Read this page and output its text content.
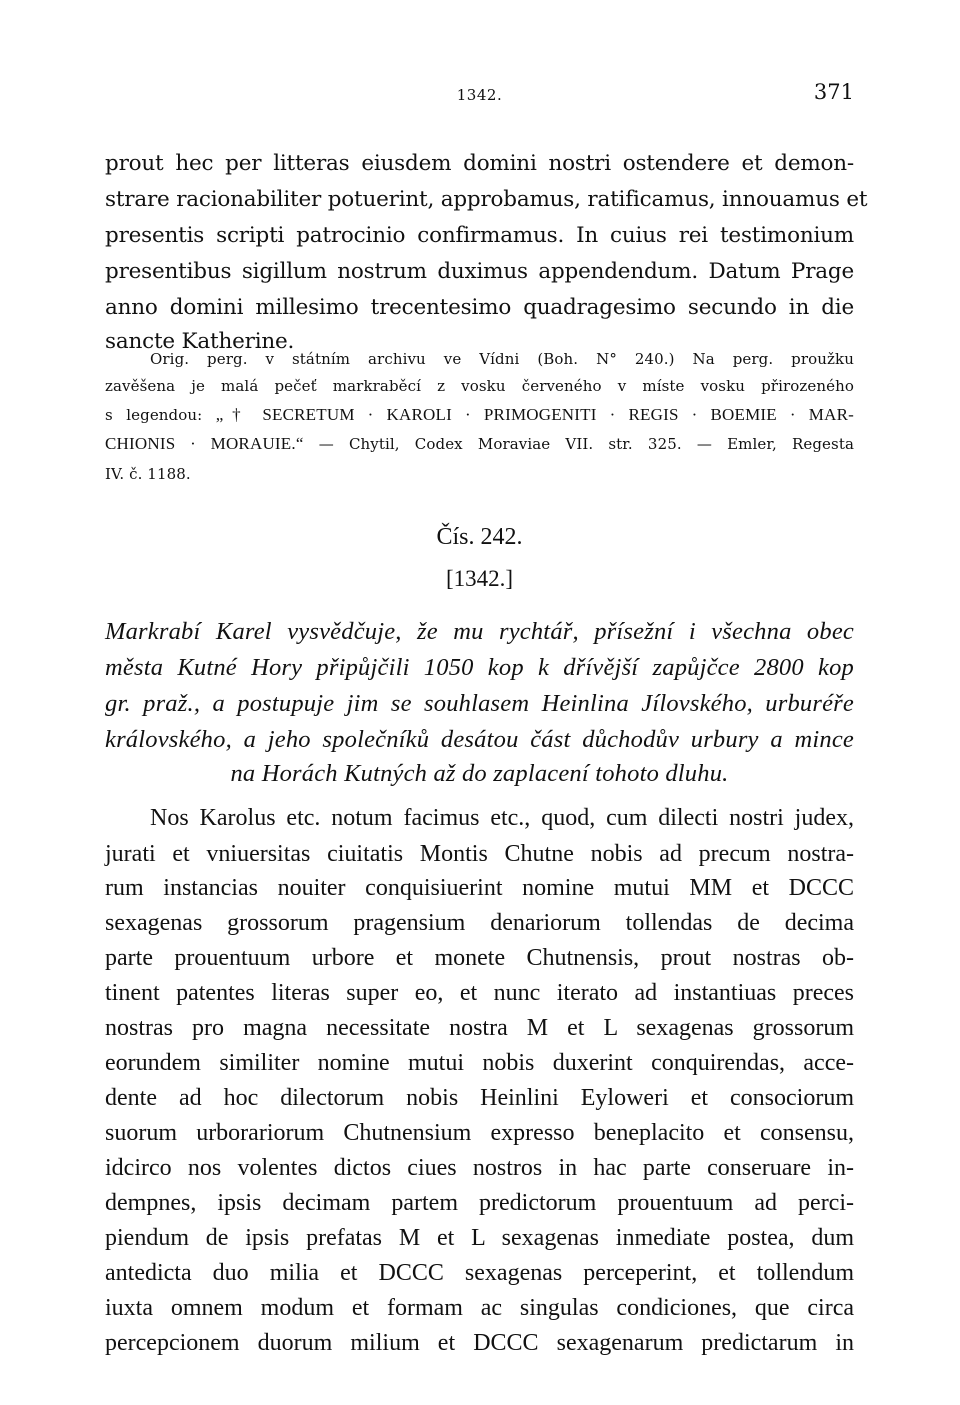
1342.	371
prout hec per litteras eiusdem domini nostri ostendere et demon-
strare racionabiliter potuerint, approbamus, ratificamus, innouamus et
presentis scripti patrocinio confirmamus. In cuius rei testimonium
presentibus sigillum nostrum duximus appendendum. Datum Prage
anno domini millesimo trecentesimo quadragesimo secundo in die
sancte Katherine.
Orig. perg. v státním archivu ve Vídni (Boh. N° 240.) Na perg. proužku
zavěšena je malá pečeť markraběcí z vosku červeného v míste vosku přirozeného
s legendou: „† SECRETUM · KAROLI · PRIMOGENITI · REGIS · BOEMIE · MAR-
CHIONIS · MORAUIE.“ — Chytil, Codex Moraviae VII. str. 325. — Emler, Regesta
IV. č. 1188.
Čís. 242.
[1342.]
Markrabí Karel vysvědčuje, že mu rychtář, přísežní i všechna obec
města Kutné Hory připůjčili 1050 kop k dřívější zapůjčce 2800 kop
gr. praž., a postupuje jim se souhlasem Heinlina Jílovského, urburéře
královského, a jeho společníků desátou část důchodův urbury a mince
na Horách Kutných až do zaplacení tohoto dluhu.
Nos Karolus etc. notum facimus etc., quod, cum dilecti nostri judex,
jurati et vniuersitas ciuitatis Montis Chutne nobis ad precum nostra-
rum instancias nouiter conquisiuerint nomine mutui MM et DCCC
sexagenas grossorum pragensium denariorum tollendas de decima
parte prouentuum urbore et monete Chutnensis, prout nostras ob-
tinent patentes literas super eo, et nunc iterato ad instantiuas preces
nostras pro magna necessitate nostra M et L sexagenas grossorum
eorundem similiter nomine mutui nobis duxerint conquirendas, acce-
dente ad hoc dilectorum nobis Heinlini Eyloweri et consociorum
suorum urborariorum Chutnensium expresso beneplacito et consensu,
idcirco nos volentes dictos ciues nostros in hac parte conseruare in-
dempnes, ipsis decimam partem predictorum prouentuum ad perci-
piendum de ipsis prefatas M et L sexagenas inmediate postea, dum
antedicta duo milia et DCCC sexagenas perceperint, et tollendum
iuxta omnem modum et formam ac singulas condiciones, que circa
percepcionem duorum milium et DCCC sexagenarum predictarum in
